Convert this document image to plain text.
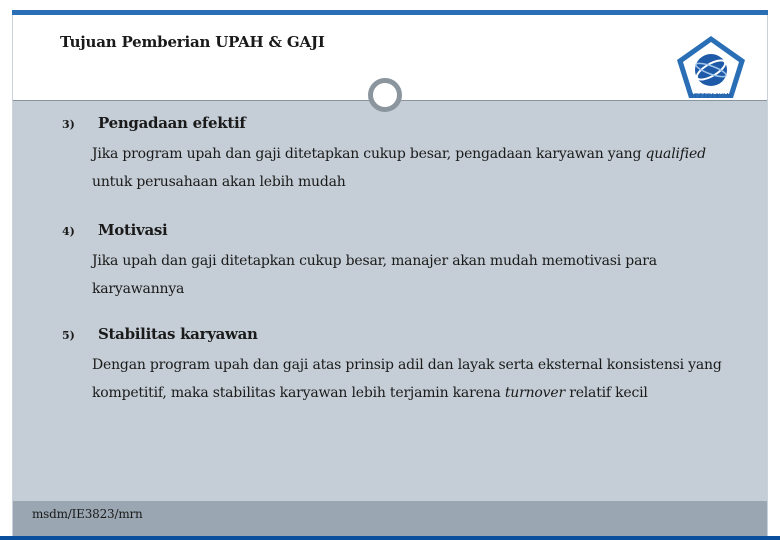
Tujuan Pemberian UPAH & GAJI
STTTELKOM
3) Pengadaan efektif
Jika program upah dan gaji ditetapkan cukup besar, pengadaan karyawan yang qualified untuk perusahaan akan lebih mudah
4) Motivasi
Jika upah dan gaji ditetapkan cukup besar, manajer akan mudah memotivasi para karyawannya
5) Stabilitas karyawan
Dengan program upah dan gaji atas prinsip adil dan layak serta eksternal konsistensi yang kompetitif, maka stabilitas karyawan lebih terjamin karena turnover relatif kecil
msdm/IE3823/mrn
